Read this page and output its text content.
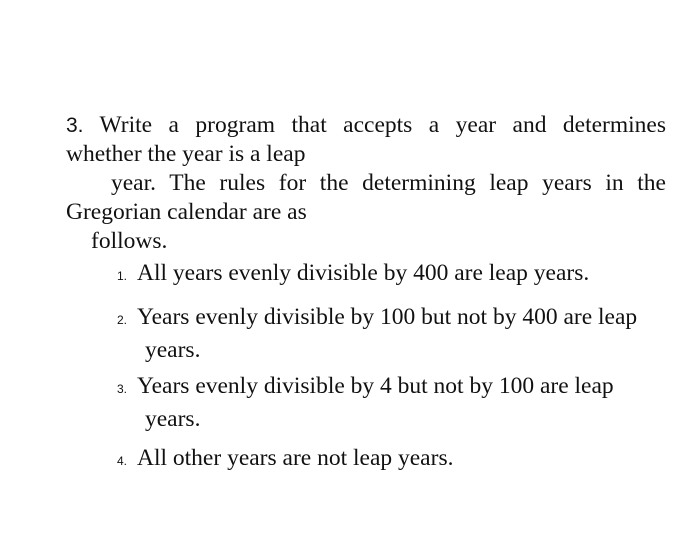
3. Write a program that accepts a year and determines
whether the year is a leap
year. The rules for the determining leap years in the
Gregorian calendar are as
follows.
1. All years evenly divisible by 400 are leap years.
2. Years evenly divisible by 100 but not by 400 are leap
years.
3. Years evenly divisible by 4 but not by 100 are leap
years.
4. All other years are not leap years.
